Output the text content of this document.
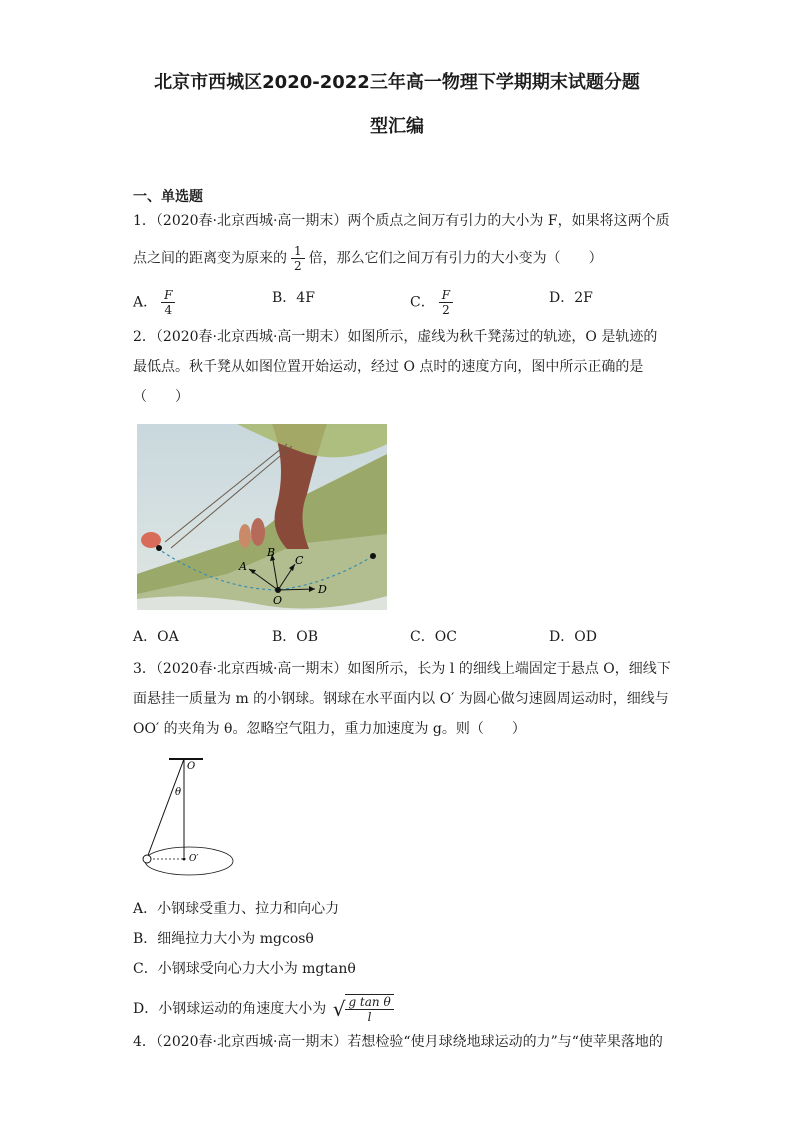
北京市西城区2020-2022三年高一物理下学期期末试题分题
型汇编
一、单选题
1．（2020春·北京西城·高一期末）两个质点之间万有引力的大小为 F，如果将这两个质
点之间的距离变为原来的 $\frac{1}{2}$ 倍，那么它们之间万有引力的大小变为（　　）
A． $\frac{F}{4}$	B．4F	C． $\frac{F}{2}$	D．2F
2．（2020春·北京西城·高一期末）如图所示，虚线为秋千凳荡过的轨迹，O 是轨迹的
最低点。秋千凳从如图位置开始运动，经过 O 点时的速度方向，图中所示正确的是
（　　）
A
B
C
D
O
A．OA	B．OB	C．OC	D．OD
3．（2020春·北京西城·高一期末）如图所示，长为 l 的细线上端固定于悬点 O，细线下
面悬挂一质量为 m 的小钢球。钢球在水平面内以 O′ 为圆心做匀速圆周运动时，细线与
OO′ 的夹角为 θ。忽略空气阻力，重力加速度为 g。则（　　）
O
θ
O′
A．小钢球受重力、拉力和向心力
B．细绳拉力大小为 mgcosθ
C．小钢球受向心力大小为 mgtanθ
D．小钢球运动的角速度大小为 √ $\frac{\text{g tan θ}}{l}$
4．（2020春·北京西城·高一期末）若想检验“使月球绕地球运动的力”与“使苹果落地的
